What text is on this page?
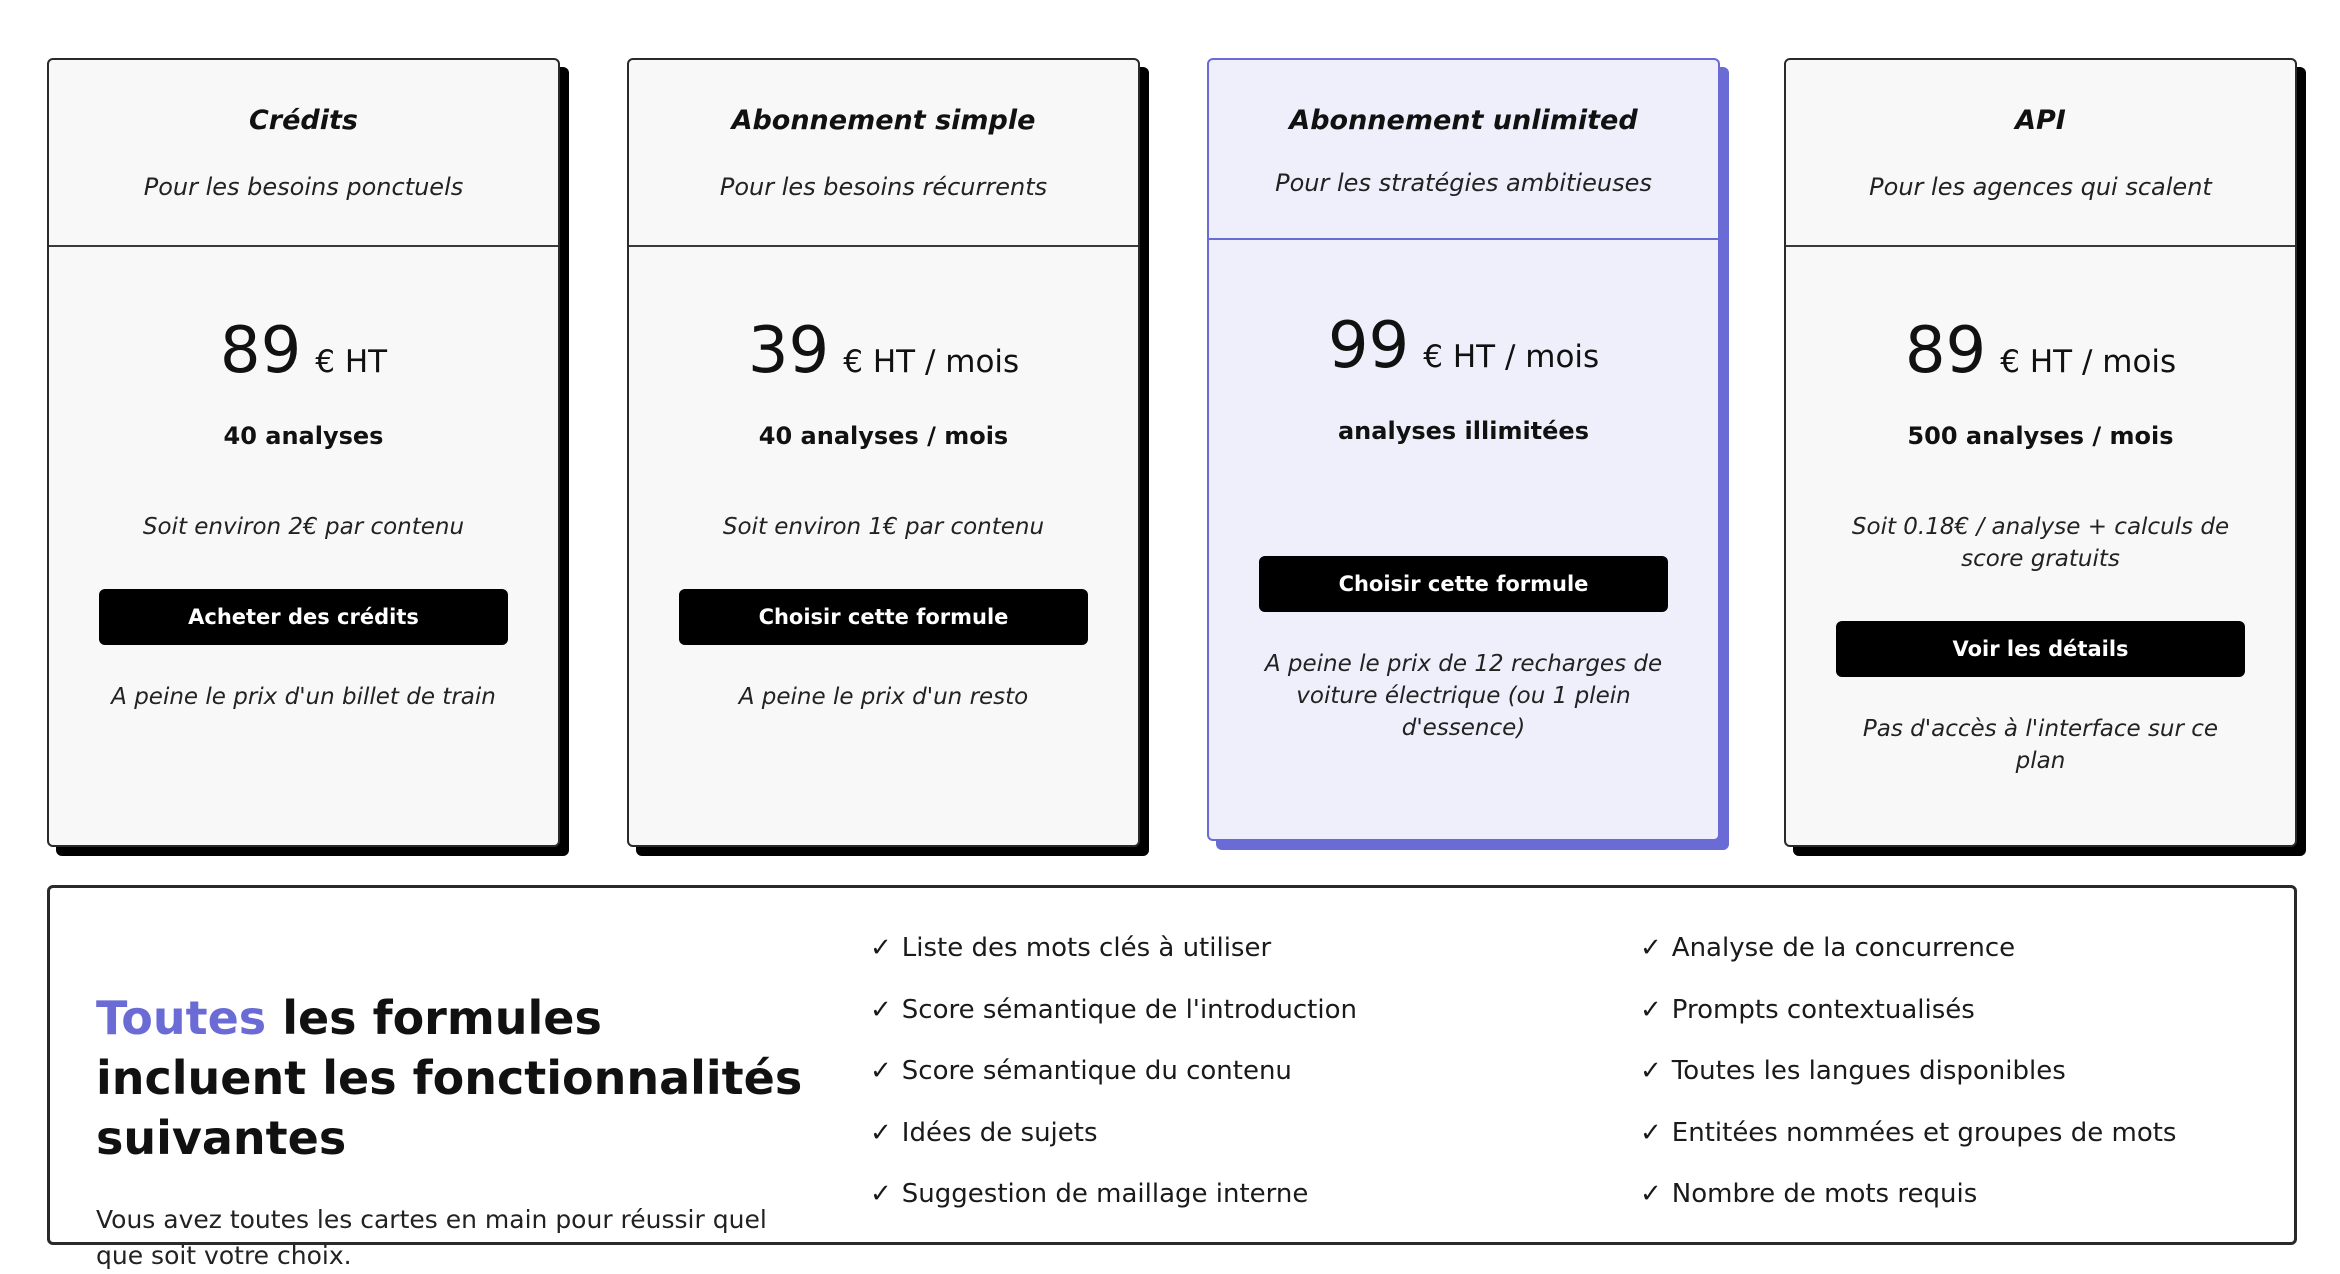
Crédits
Pour les besoins ponctuels
89 € HT
40 analyses
Soit environ 2€ par contenu
Acheter des crédits
A peine le prix d'un billet de train
Abonnement simple
Pour les besoins récurrents
39 € HT / mois
40 analyses / mois
Soit environ 1€ par contenu
Choisir cette formule
A peine le prix d'un resto
Abonnement unlimited
Pour les stratégies ambitieuses
99 € HT / mois
analyses illimitées
Choisir cette formule
A peine le prix de 12 recharges de voiture électrique (ou 1 plein d'essence)
API
Pour les agences qui scalent
89 € HT / mois
500 analyses / mois
Soit 0.18€ / analyse + calculs de score gratuits
Voir les détails
Pas d'accès à l'interface sur ce plan
Toutes les formules incluent les fonctionnalités suivantes
Vous avez toutes les cartes en main pour réussir quel que soit votre choix.
✓ Liste des mots clés à utiliser
✓ Score sémantique de l'introduction
✓ Score sémantique du contenu
✓ Idées de sujets
✓ Suggestion de maillage interne
✓ Analyse de la concurrence
✓ Prompts contextualisés
✓ Toutes les langues disponibles
✓ Entitées nommées et groupes de mots
✓ Nombre de mots requis
